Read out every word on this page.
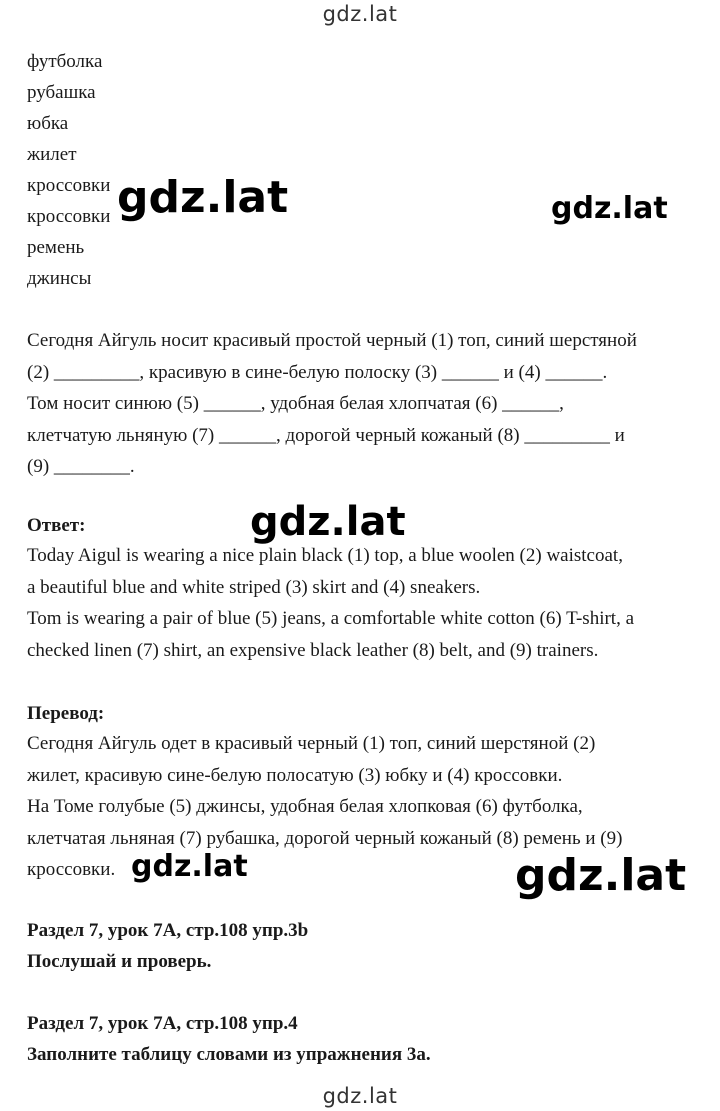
gdz.lat
футболка
рубашка
юбка
жилет
кроссовки
кроссовки
ремень
джинсы
gdz.lat	gdz.lat

Сегодня Айгуль носит красивый простой черный (1) топ, синий шерстяной
(2) _________, красивую в сине-белую полоску (3) ______ и (4) ______.
Том носит синюю (5) ______, удобная белая хлопчатая (6) ______,
клетчатую льняную (7) ______, дорогой черный кожаный (8) _________ и
(9) ________.

Ответ:	gdz.lat

Today Aigul is wearing a nice plain black (1) top, a blue woolen (2) waistcoat,
a beautiful blue and white striped (3) skirt and (4) sneakers.
Tom is wearing a pair of blue (5) jeans, a comfortable white cotton (6) T-shirt, a
checked linen (7) shirt, an expensive black leather (8) belt, and (9) trainers.

Перевод:

Сегодня Айгуль одет в красивый черный (1) топ, синий шерстяной (2)
жилет, красивую сине-белую полосатую (3) юбку и (4) кроссовки.
На Томе голубые (5) джинсы, удобная белая хлопковая (6) футболка,
клетчатая льняная (7) рубашка, дорогой черный кожаный (8) ремень и (9)
кроссовки. gdz.lat	gdz.lat
Раздел 7, урок 7А, стр.108 упр.3b
Послушай и проверь.
Раздел 7, урок 7А, стр.108 упр.4
Заполните таблицу словами из упражнения 3а.
gdz.lat
